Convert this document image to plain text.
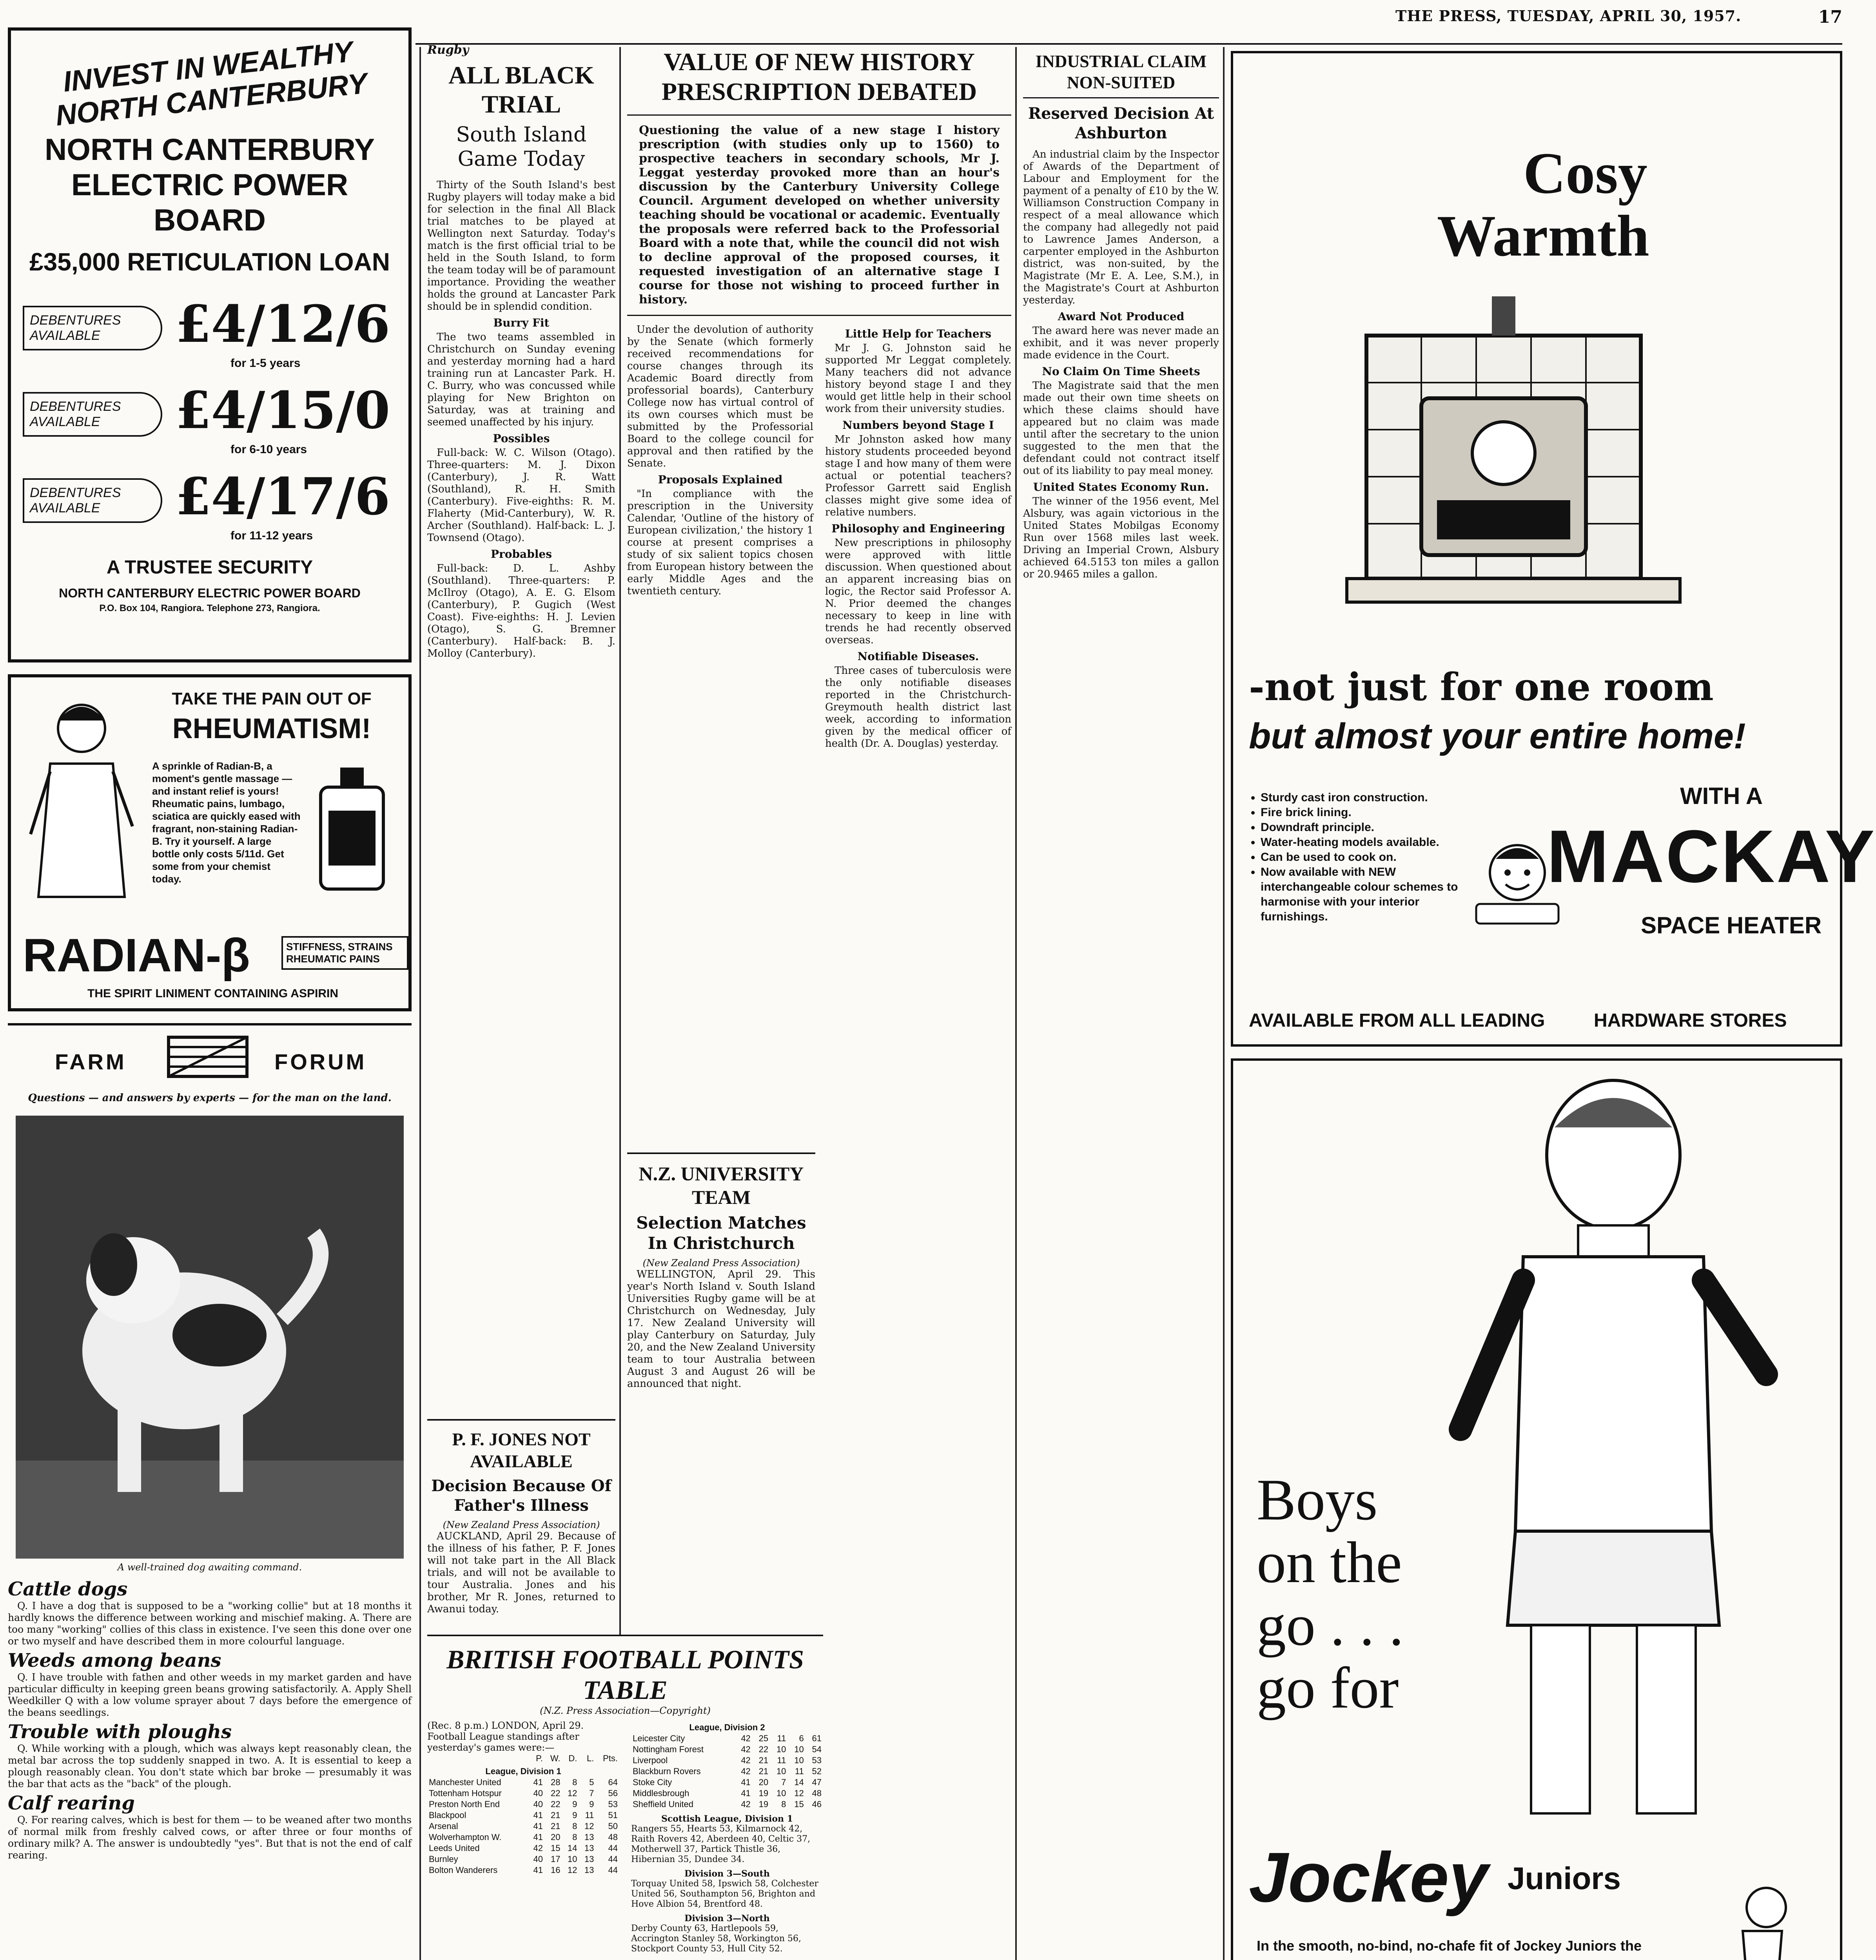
THE PRESS, TUESDAY, APRIL 30, 1957.	17
INVEST IN WEALTHY NORTH CANTERBURY
NORTH CANTERBURY ELECTRIC POWER BOARD
£35,000 RETICULATION LOAN
DEBENTURES AVAILABLE	£4/12/6
for 1-5 years
DEBENTURES AVAILABLE	£4/15/0
for 6-10 years
DEBENTURES AVAILABLE	£4/17/6
for 11-12 years
A TRUSTEE SECURITY
NORTH CANTERBURY ELECTRIC POWER BOARD
P.O. Box 104, Rangiora. Telephone 273, Rangiora.
TAKE THE PAIN OUT OF
RHEUMATISM!
A sprinkle of Radian-B, a moment's gentle massage — and instant relief is yours! Rheumatic pains, lumbago, sciatica are quickly eased with fragrant, non-staining Radian-B. Try it yourself. A large bottle only costs 5/11d. Get some from your chemist today.
RADIAN-β	STIFFNESS, STRAINS RHEUMATIC PAINS
THE SPIRIT LINIMENT CONTAINING ASPIRIN
FARM	FORUM
Questions — and answers by experts — for the man on the land.
A well-trained dog awaiting command.
Cattle dogs

Q. I have a dog that is supposed to be a "working collie" but at 18 months it hardly knows the difference between working and mischief making. A. There are too many "working" collies of this class in existence. I've seen this done over one or two myself and have described them in more colourful language.

Weeds among beans

Q. I have trouble with fathen and other weeds in my market garden and have particular difficulty in keeping green beans growing satisfactorily. A. Apply Shell Weedkiller Q with a low volume sprayer about 7 days before the emergence of the beans seedlings.

Trouble with ploughs

Q. While working with a plough, which was always kept reasonably clean, the metal bar across the top suddenly snapped in two. A. It is essential to keep a plough reasonably clean. You don't state which bar broke — presumably it was the bar that acts as the "back" of the plough.

Calf rearing

Q. For rearing calves, which is best for them — to be weaned after two months of normal milk from freshly calved cows, or after three or four months of ordinary milk? A. The answer is undoubtedly "yes". But that is not the end of calf rearing.

Rugby
ALL BLACK TRIAL
South Island Game Today

Thirty of the South Island's best Rugby players will today make a bid for selection in the final All Black trial matches to be played at Wellington next Saturday. Today's match is the first official trial to be held in the South Island, to form the team today will be of paramount importance. Providing the weather holds the ground at Lancaster Park should be in splendid condition.

Burry Fit

The two teams assembled in Christchurch on Sunday evening and yesterday morning had a hard training run at Lancaster Park. H. C. Burry, who was concussed while playing for New Brighton on Saturday, was at training and seemed unaffected by his injury.

Possibles

Full-back: W. C. Wilson (Otago). Three-quarters: M. J. Dixon (Canterbury), J. R. Watt (Southland), R. H. Smith (Canterbury). Five-eighths: R. M. Flaherty (Mid-Canterbury), W. R. Archer (Southland). Half-back: L. J. Townsend (Otago).

Probables

Full-back: D. L. Ashby (Southland). Three-quarters: P. McIlroy (Otago), A. E. G. Elsom (Canterbury), P. Gugich (West Coast). Five-eighths: H. J. Levien (Otago), S. G. Bremner (Canterbury). Half-back: B. J. Molloy (Canterbury).

P. F. JONES NOT AVAILABLE
Decision Because Of Father's Illness
(New Zealand Press Association)

AUCKLAND, April 29. Because of the illness of his father, P. F. Jones will not take part in the All Black trials, and will not be available to tour Australia. Jones and his brother, Mr R. Jones, returned to Awanui today.

VALUE OF NEW HISTORY PRESCRIPTION DEBATED
Questioning the value of a new stage I history prescription (with studies only up to 1560) to prospective teachers in secondary schools, Mr J. Leggat yesterday provoked more than an hour's discussion by the Canterbury University College Council. Argument developed on whether university teaching should be vocational or academic. Eventually the proposals were referred back to the Professorial Board with a note that, while the council did not wish to decline approval of the proposed courses, it requested investigation of an alternative stage I course for those not wishing to proceed further in history.

Under the devolution of authority by the Senate (which formerly received recommendations for course changes through its Academic Board directly from professorial boards), Canterbury College now has virtual control of its own courses which must be submitted by the Professorial Board to the college council for approval and then ratified by the Senate.

Proposals Explained

"In compliance with the prescription in the University Calendar, 'Outline of the history of European civilization,' the history 1 course at present comprises a study of six salient topics chosen from European history between the early Middle Ages and the twentieth century.

Little Help for Teachers

Mr J. G. Johnston said he supported Mr Leggat completely. Many teachers did not advance history beyond stage I and they would get little help in their school work from their university studies.

Numbers beyond Stage I

Mr Johnston asked how many history students proceeded beyond stage I and how many of them were actual or potential teachers? Professor Garrett said English classes might give some idea of relative numbers.

Philosophy and Engineering

New prescriptions in philosophy were approved with little discussion. When questioned about an apparent increasing bias on logic, the Rector said Professor A. N. Prior deemed the changes necessary to keep in line with trends he had recently observed overseas.

Notifiable Diseases.

Three cases of tuberculosis were the only notifiable diseases reported in the Christchurch-Greymouth health district last week, according to information given by the medical officer of health (Dr. A. Douglas) yesterday.

N.Z. UNIVERSITY TEAM
Selection Matches In Christchurch
(New Zealand Press Association)

WELLINGTON, April 29. This year's North Island v. South Island Universities Rugby game will be at Christchurch on Wednesday, July 17. New Zealand University will play Canterbury on Saturday, July 20, and the New Zealand University team to tour Australia between August 3 and August 26 will be announced that night.

BRITISH FOOTBALL POINTS TABLE
(N.Z. Press Association—Copyright)
(Rec. 8 p.m.) LONDON, April 29. Football League standings after yesterday's games were:—
	P.	W.	D.	L.	Pts.
League, Division 1					
Manchester United	41	28	8	5	64
Tottenham Hotspur	40	22	12	7	56
Preston North End	40	22	9	9	53
Blackpool	41	21	9	11	51
Arsenal	41	21	8	12	50
Wolverhampton W.	41	20	8	13	48
Leeds United	42	15	14	13	44
Burnley	40	17	10	13	44
Bolton Wanderers	41	16	12	13	44
League, Division 2					
Leicester City	42	25	11	6	61
Nottingham Forest	42	22	10	10	54
Liverpool	42	21	11	10	53
Blackburn Rovers	42	21	10	11	52
Stoke City	41	20	7	14	47
Middlesbrough	41	19	10	12	48
Sheffield United	42	19	8	15	46
Scottish League, Division 1
Rangers 55, Hearts 53, Kilmarnock 42, Raith Rovers 42, Aberdeen 40, Celtic 37, Motherwell 37, Partick Thistle 36, Hibernian 35, Dundee 34.
Division 3—South
Torquay United 58, Ipswich 58, Colchester United 56, Southampton 56, Brighton and Hove Albion 54, Brentford 48.
Division 3—North
Derby County 63, Hartlepools 59, Accrington Stanley 58, Workington 56, Stockport County 53, Hull City 52.
INDUSTRIAL CLAIM NON-SUITED
Reserved Decision At Ashburton

An industrial claim by the Inspector of Awards of the Department of Labour and Employment for the payment of a penalty of £10 by the W. Williamson Construction Company in respect of a meal allowance which the company had allegedly not paid to Lawrence James Anderson, a carpenter employed in the Ashburton district, was non-suited, by the Magistrate (Mr E. A. Lee, S.M.), in the Magistrate's Court at Ashburton yesterday.

Award Not Produced

The award here was never made an exhibit, and it was never properly made evidence in the Court.

No Claim On Time Sheets

The Magistrate said that the men made out their own time sheets on which these claims should have appeared but no claim was made until after the secretary to the union suggested to the men that the defendant could not contract itself out of its liability to pay meal money.

United States Economy Run.

The winner of the 1956 event, Mel Alsbury, was again victorious in the United States Mobilgas Economy Run over 1568 miles last week. Driving an Imperial Crown, Alsbury achieved 64.5153 ton miles a gallon or 20.9465 miles a gallon.

Cosy
Warmth
-not just for one room
but almost your entire home!
WITH A
MACKAY
SPACE HEATER
• Sturdy cast iron construction.
• Fire brick lining.
• Downdraft principle.
• Water-heating models available.
• Can be used to cook on.
• Now available with NEW interchangeable colour schemes to harmonise with your interior furnishings.
AVAILABLE FROM ALL LEADING	HARDWARE STORES
Boys
on the
go . . .
go for
Jockey Juniors
In the smooth, no-bind, no-chafe fit of Jockey Juniors the
